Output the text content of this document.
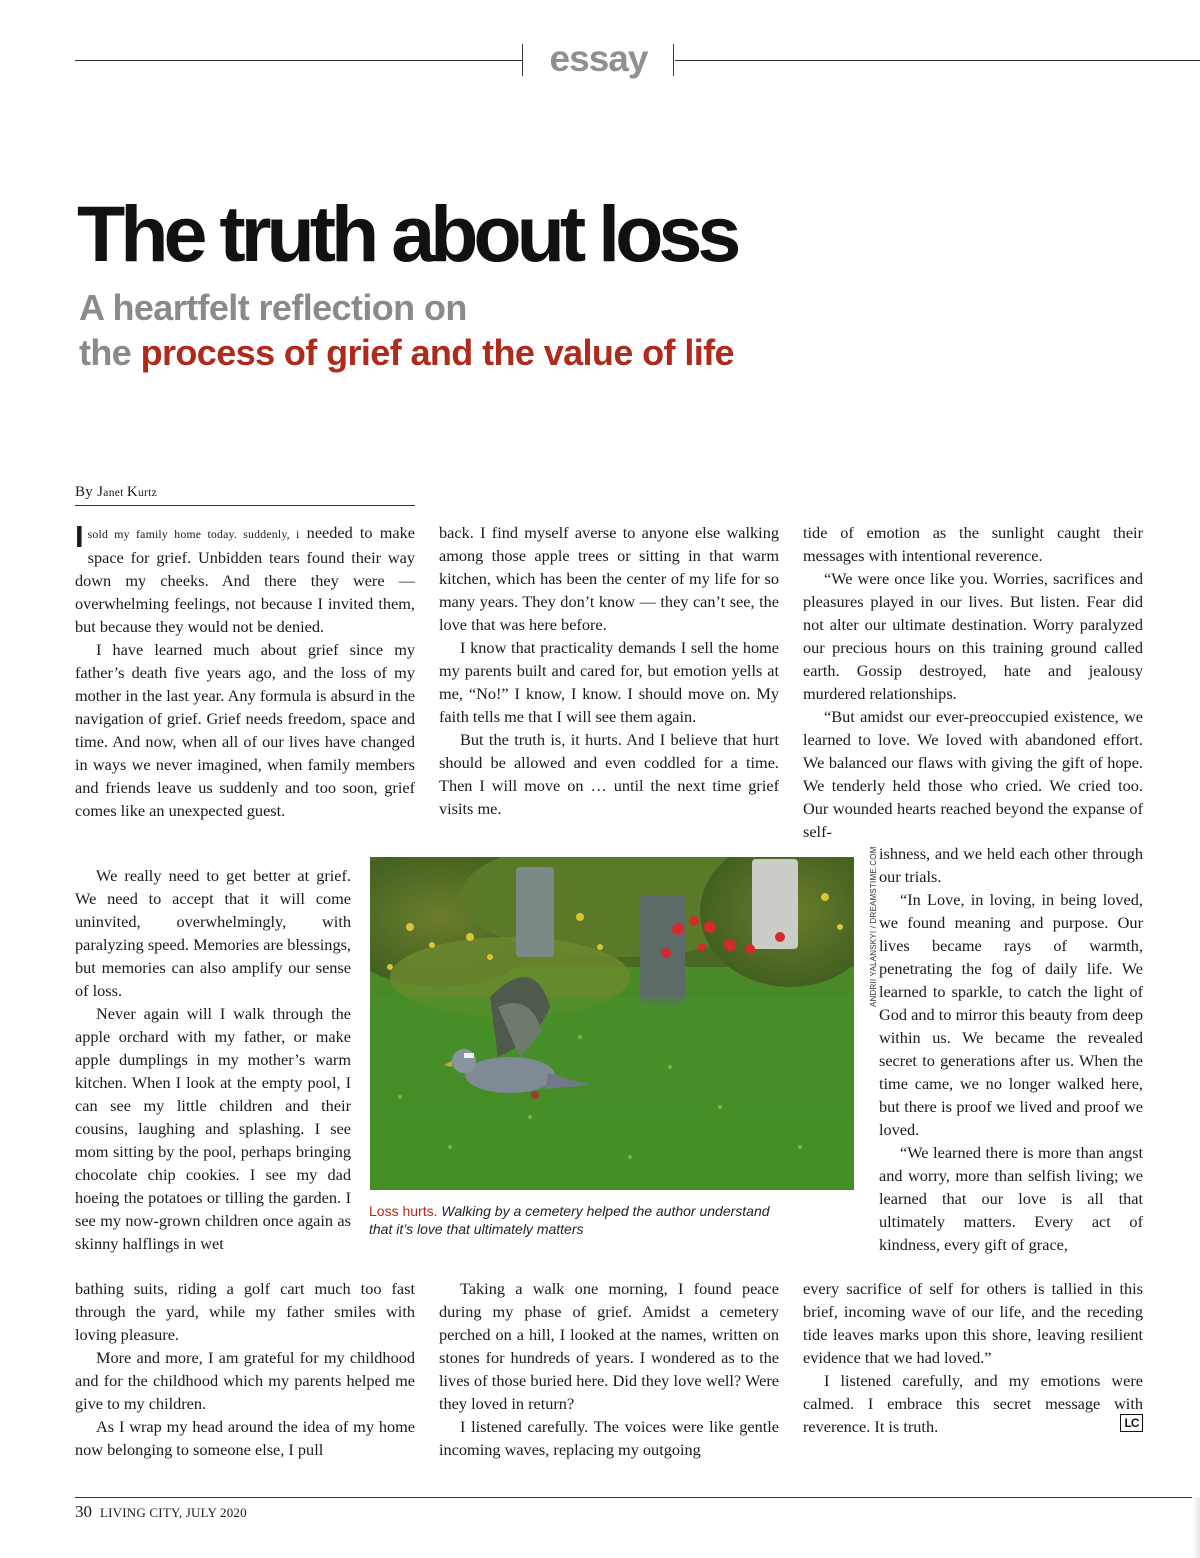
essay
The truth about loss
A heartfelt reflection on
the process of grief and the value of life
By Janet Kurtz

I sold my family home today. suddenly, i needed to make space for grief. Unbidden tears found their way down my cheeks. And there they were — overwhelming feelings, not because I invited them, but because they would not be denied.

I have learned much about grief since my father’s death five years ago, and the loss of my mother in the last year. Any formula is absurd in the navigation of grief. Grief needs freedom, space and time. And now, when all of our lives have changed in ways we never imagined, when family members and friends leave us suddenly and too soon, grief comes like an unexpected guest.

We really need to get better at grief. We need to accept that it will come uninvited, overwhelmingly, with paralyzing speed. Memories are blessings, but memories can also amplify our sense of loss.

Never again will I walk through the apple orchard with my father, or make apple dumplings in my mother’s warm kitchen. When I look at the empty pool, I can see my little children and their cousins, laughing and splashing. I see mom sitting by the pool, perhaps bringing chocolate chip cookies. I see my dad hoeing the potatoes or tilling the garden. I see my now-grown children once again as skinny halflings in wet

bathing suits, riding a golf cart much too fast through the yard, while my father smiles with loving pleasure.

More and more, I am grateful for my childhood and for the childhood which my parents helped me give to my children.

As I wrap my head around the idea of my home now belonging to someone else, I pull

back. I find myself averse to anyone else walking among those apple trees or sitting in that warm kitchen, which has been the center of my life for so many years. They don’t know — they can’t see, the love that was here before.

I know that practicality demands I sell the home my parents built and cared for, but emotion yells at me, “No!” I know, I know. I should move on. My faith tells me that I will see them again.

But the truth is, it hurts. And I believe that hurt should be allowed and even coddled for a time. Then I will move on … until the next time grief visits me.

Taking a walk one morning, I found peace during my phase of grief. Amidst a cemetery perched on a hill, I looked at the names, written on stones for hundreds of years. I wondered as to the lives of those buried here. Did they love well? Were they loved in return?

I listened carefully. The voices were like gentle incoming waves, replacing my outgoing

tide of emotion as the sunlight caught their messages with intentional reverence.

“We were once like you. Worries, sacrifices and pleasures played in our lives. But listen. Fear did not alter our ultimate destination. Worry paralyzed our precious hours on this training ground called earth. Gossip destroyed, hate and jealousy murdered relationships.

“But amidst our ever-preoccupied existence, we learned to love. We loved with abandoned effort. We balanced our flaws with giving the gift of hope. We tenderly held those who cried. We cried too. Our wounded hearts reached beyond the expanse of self-

ishness, and we held each other through our trials.

“In Love, in loving, in being loved, we found meaning and purpose. Our lives became rays of warmth, penetrating the fog of daily life. We learned to sparkle, to catch the light of God and to mirror this beauty from deep within us. We became the revealed secret to generations after us. When the time came, we no longer walked here, but there is proof we lived and proof we loved.

“We learned there is more than angst and worry, more than selfish living; we learned that our love is all that ultimately matters. Every act of kindness, every gift of grace,

every sacrifice of self for others is tallied in this brief, incoming wave of our life, and the receding tide leaves marks upon this shore, leaving resilient evidence that we had loved.”

I listened carefully, and my emotions were calmed. I embrace this secret message with reverence. It is truth.	LC
ANDRII YALANSKYI / DREAMSTIME.COM
Loss hurts. Walking by a cemetery helped the author understand that it’s love that ultimately matters
30 LIVING CITY, JULY 2020
